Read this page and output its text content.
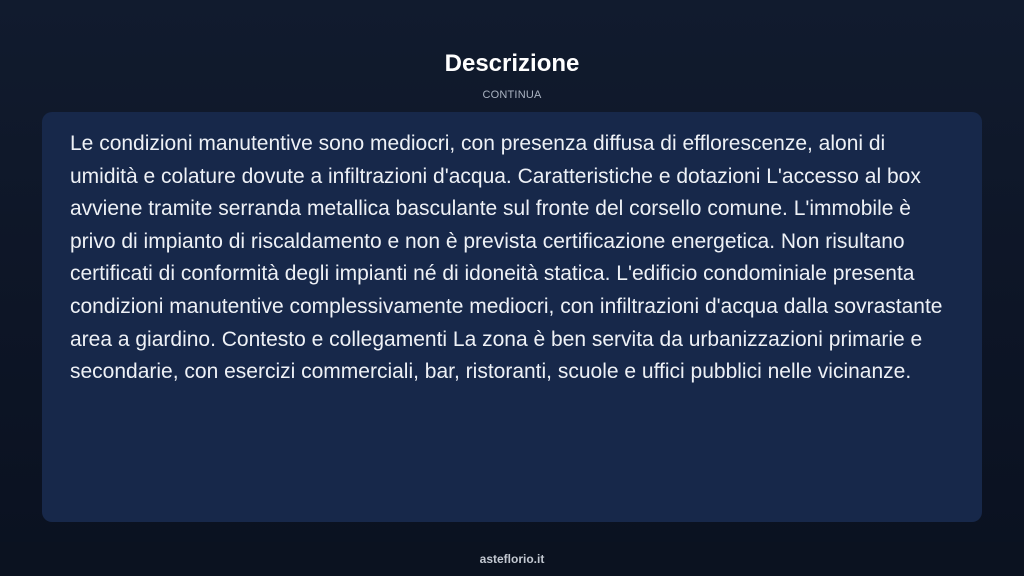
Descrizione
CONTINUA

Le condizioni manutentive sono mediocri, con presenza diffusa di efflorescenze, aloni di umidità e colature dovute a infiltrazioni d'acqua. Caratteristiche e dotazioni L'accesso al box avviene tramite serranda metallica basculante sul fronte del corsello comune. L'immobile è privo di impianto di riscaldamento e non è prevista certificazione energetica. Non risultano certificati di conformità degli impianti né di idoneità statica. L'edificio condominiale presenta condizioni manutentive complessivamente mediocri, con infiltrazioni d'acqua dalla sovrastante area a giardino. Contesto e collegamenti La zona è ben servita da urbanizzazioni primarie e secondarie, con esercizi commerciali, bar, ristoranti, scuole e uffici pubblici nelle vicinanze.

asteflorio.it
